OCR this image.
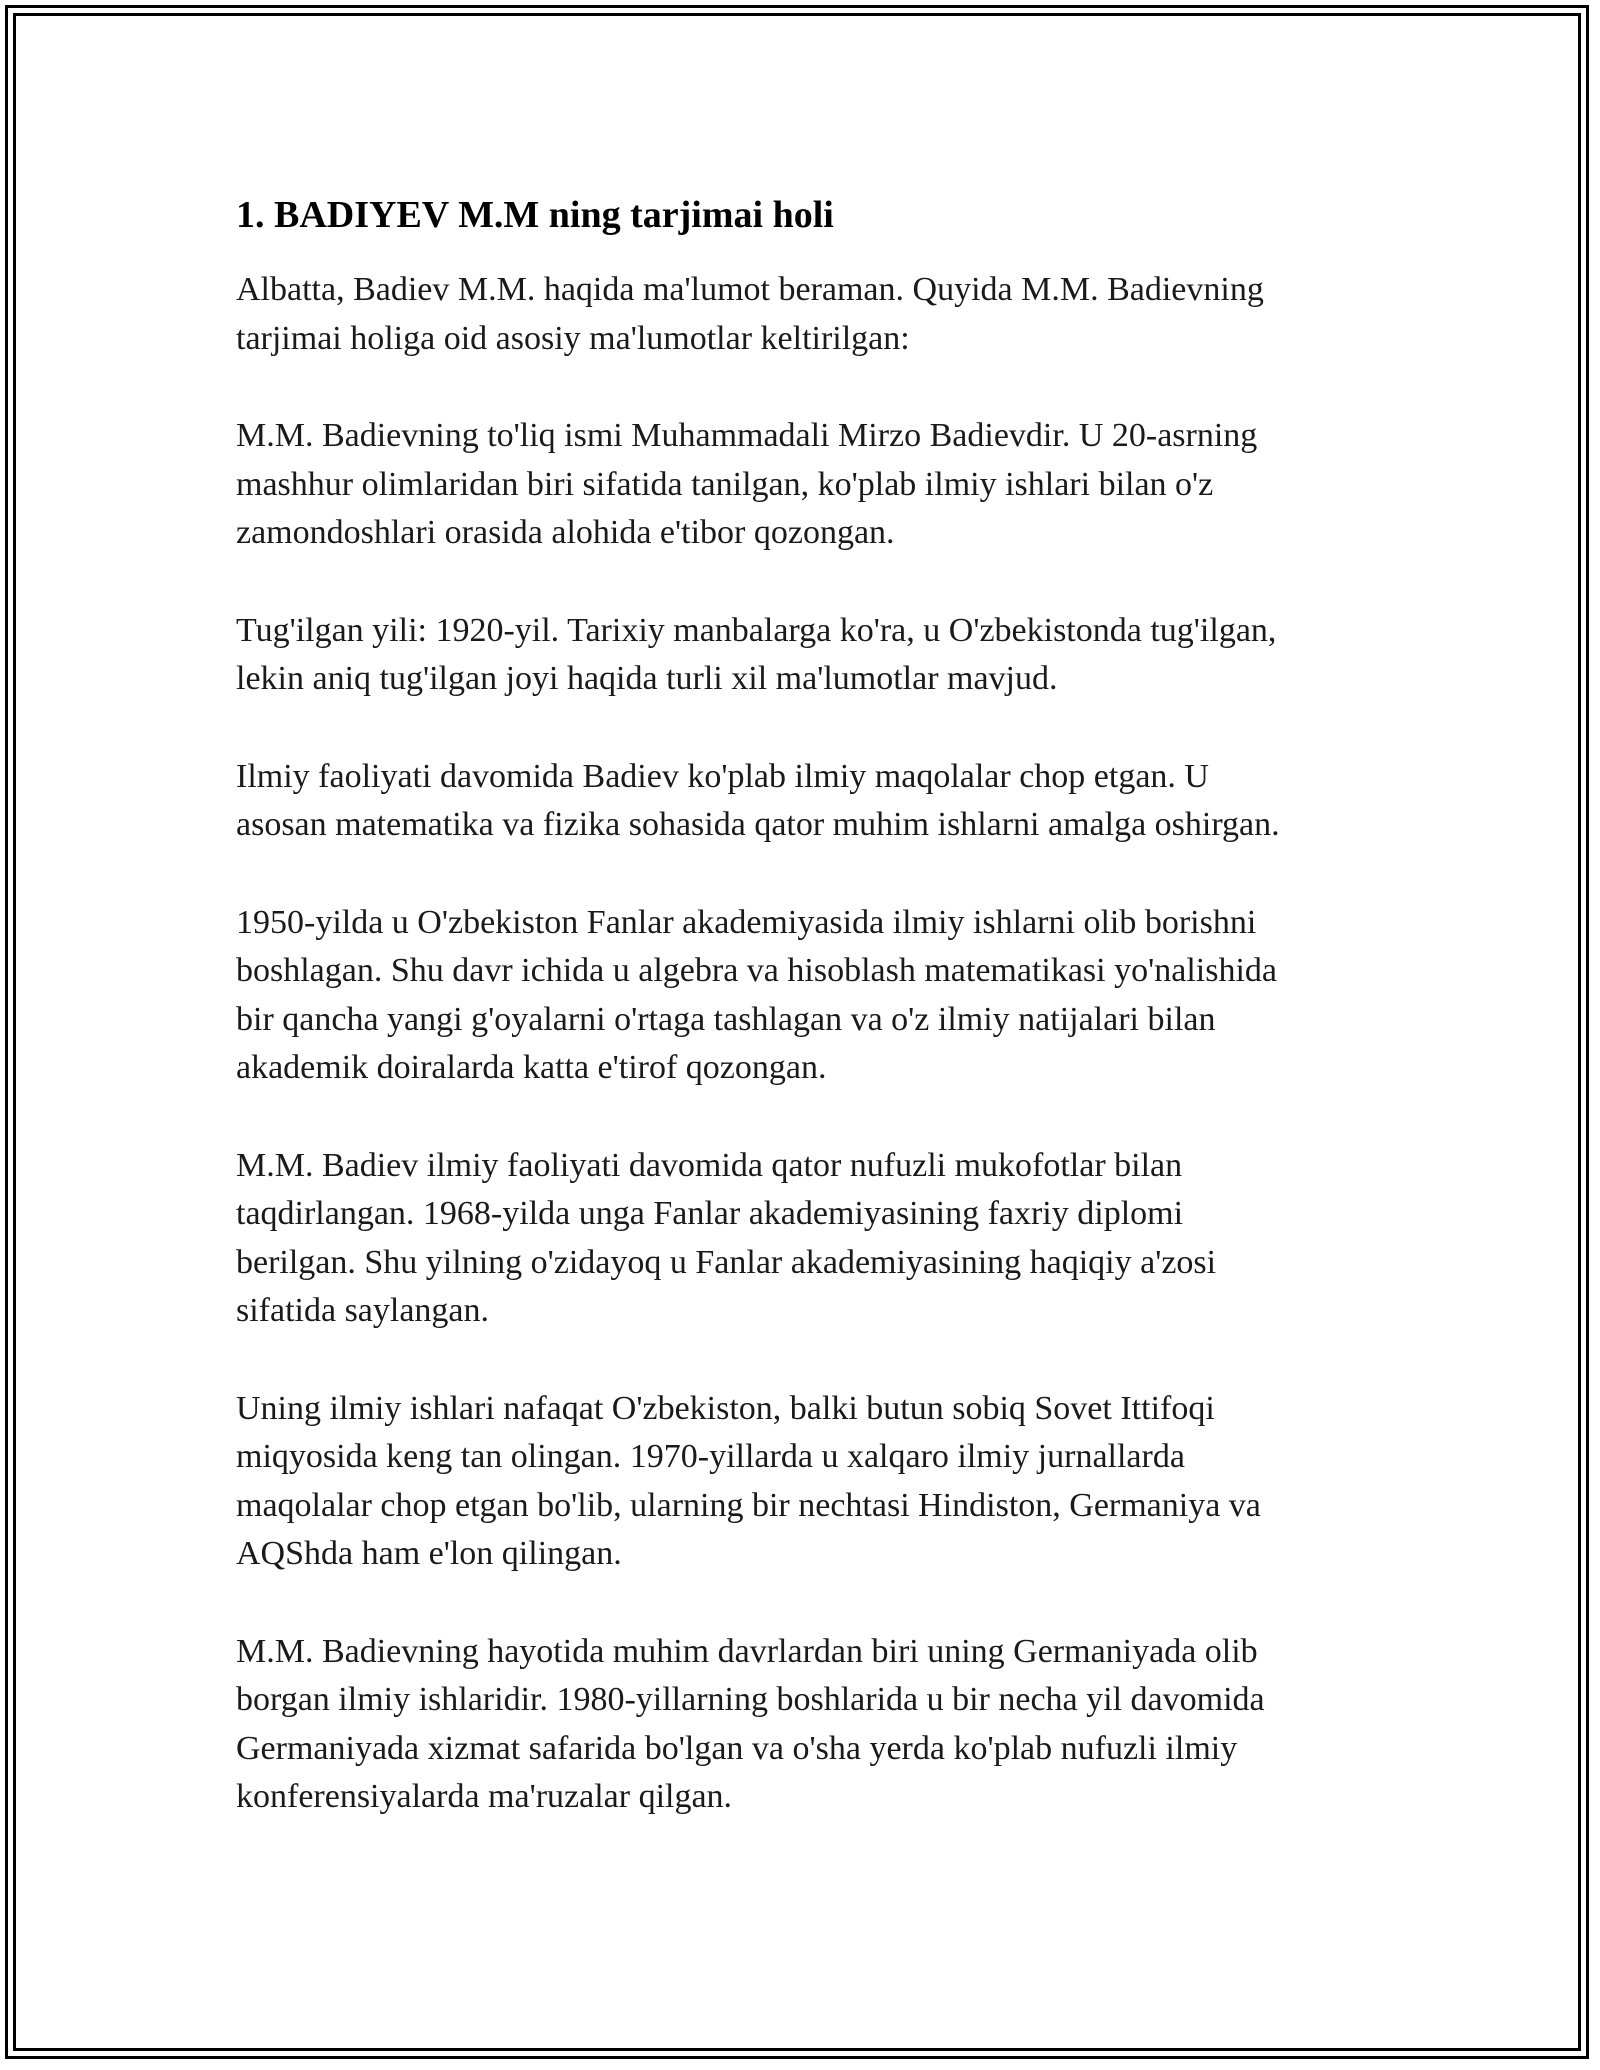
1. BADIYEV M.M ning tarjimai holi

Albatta, Badiev M.M. haqida ma'lumot beraman. Quyida M.M. Badievning
tarjimai holiga oid asosiy ma'lumotlar keltirilgan:

M.M. Badievning to'liq ismi Muhammadali Mirzo Badievdir. U 20-asrning
mashhur olimlaridan biri sifatida tanilgan, ko'plab ilmiy ishlari bilan o'z
zamondoshlari orasida alohida e'tibor qozongan.

Tug'ilgan yili: 1920-yil. Tarixiy manbalarga ko'ra, u O'zbekistonda tug'ilgan,
lekin aniq tug'ilgan joyi haqida turli xil ma'lumotlar mavjud.

Ilmiy faoliyati davomida Badiev ko'plab ilmiy maqolalar chop etgan. U
asosan matematika va fizika sohasida qator muhim ishlarni amalga oshirgan.

1950-yilda u O'zbekiston Fanlar akademiyasida ilmiy ishlarni olib borishni
boshlagan. Shu davr ichida u algebra va hisoblash matematikasi yo'nalishida
bir qancha yangi g'oyalarni o'rtaga tashlagan va o'z ilmiy natijalari bilan
akademik doiralarda katta e'tirof qozongan.

M.M. Badiev ilmiy faoliyati davomida qator nufuzli mukofotlar bilan
taqdirlangan. 1968-yilda unga Fanlar akademiyasining faxriy diplomi
berilgan. Shu yilning o'zidayoq u Fanlar akademiyasining haqiqiy a'zosi
sifatida saylangan.

Uning ilmiy ishlari nafaqat O'zbekiston, balki butun sobiq Sovet Ittifoqi
miqyosida keng tan olingan. 1970-yillarda u xalqaro ilmiy jurnallarda
maqolalar chop etgan bo'lib, ularning bir nechtasi Hindiston, Germaniya va
AQShda ham e'lon qilingan.

M.M. Badievning hayotida muhim davrlardan biri uning Germaniyada olib
borgan ilmiy ishlaridir. 1980-yillarning boshlarida u bir necha yil davomida
Germaniyada xizmat safarida bo'lgan va o'sha yerda ko'plab nufuzli ilmiy
konferensiyalarda ma'ruzalar qilgan.
